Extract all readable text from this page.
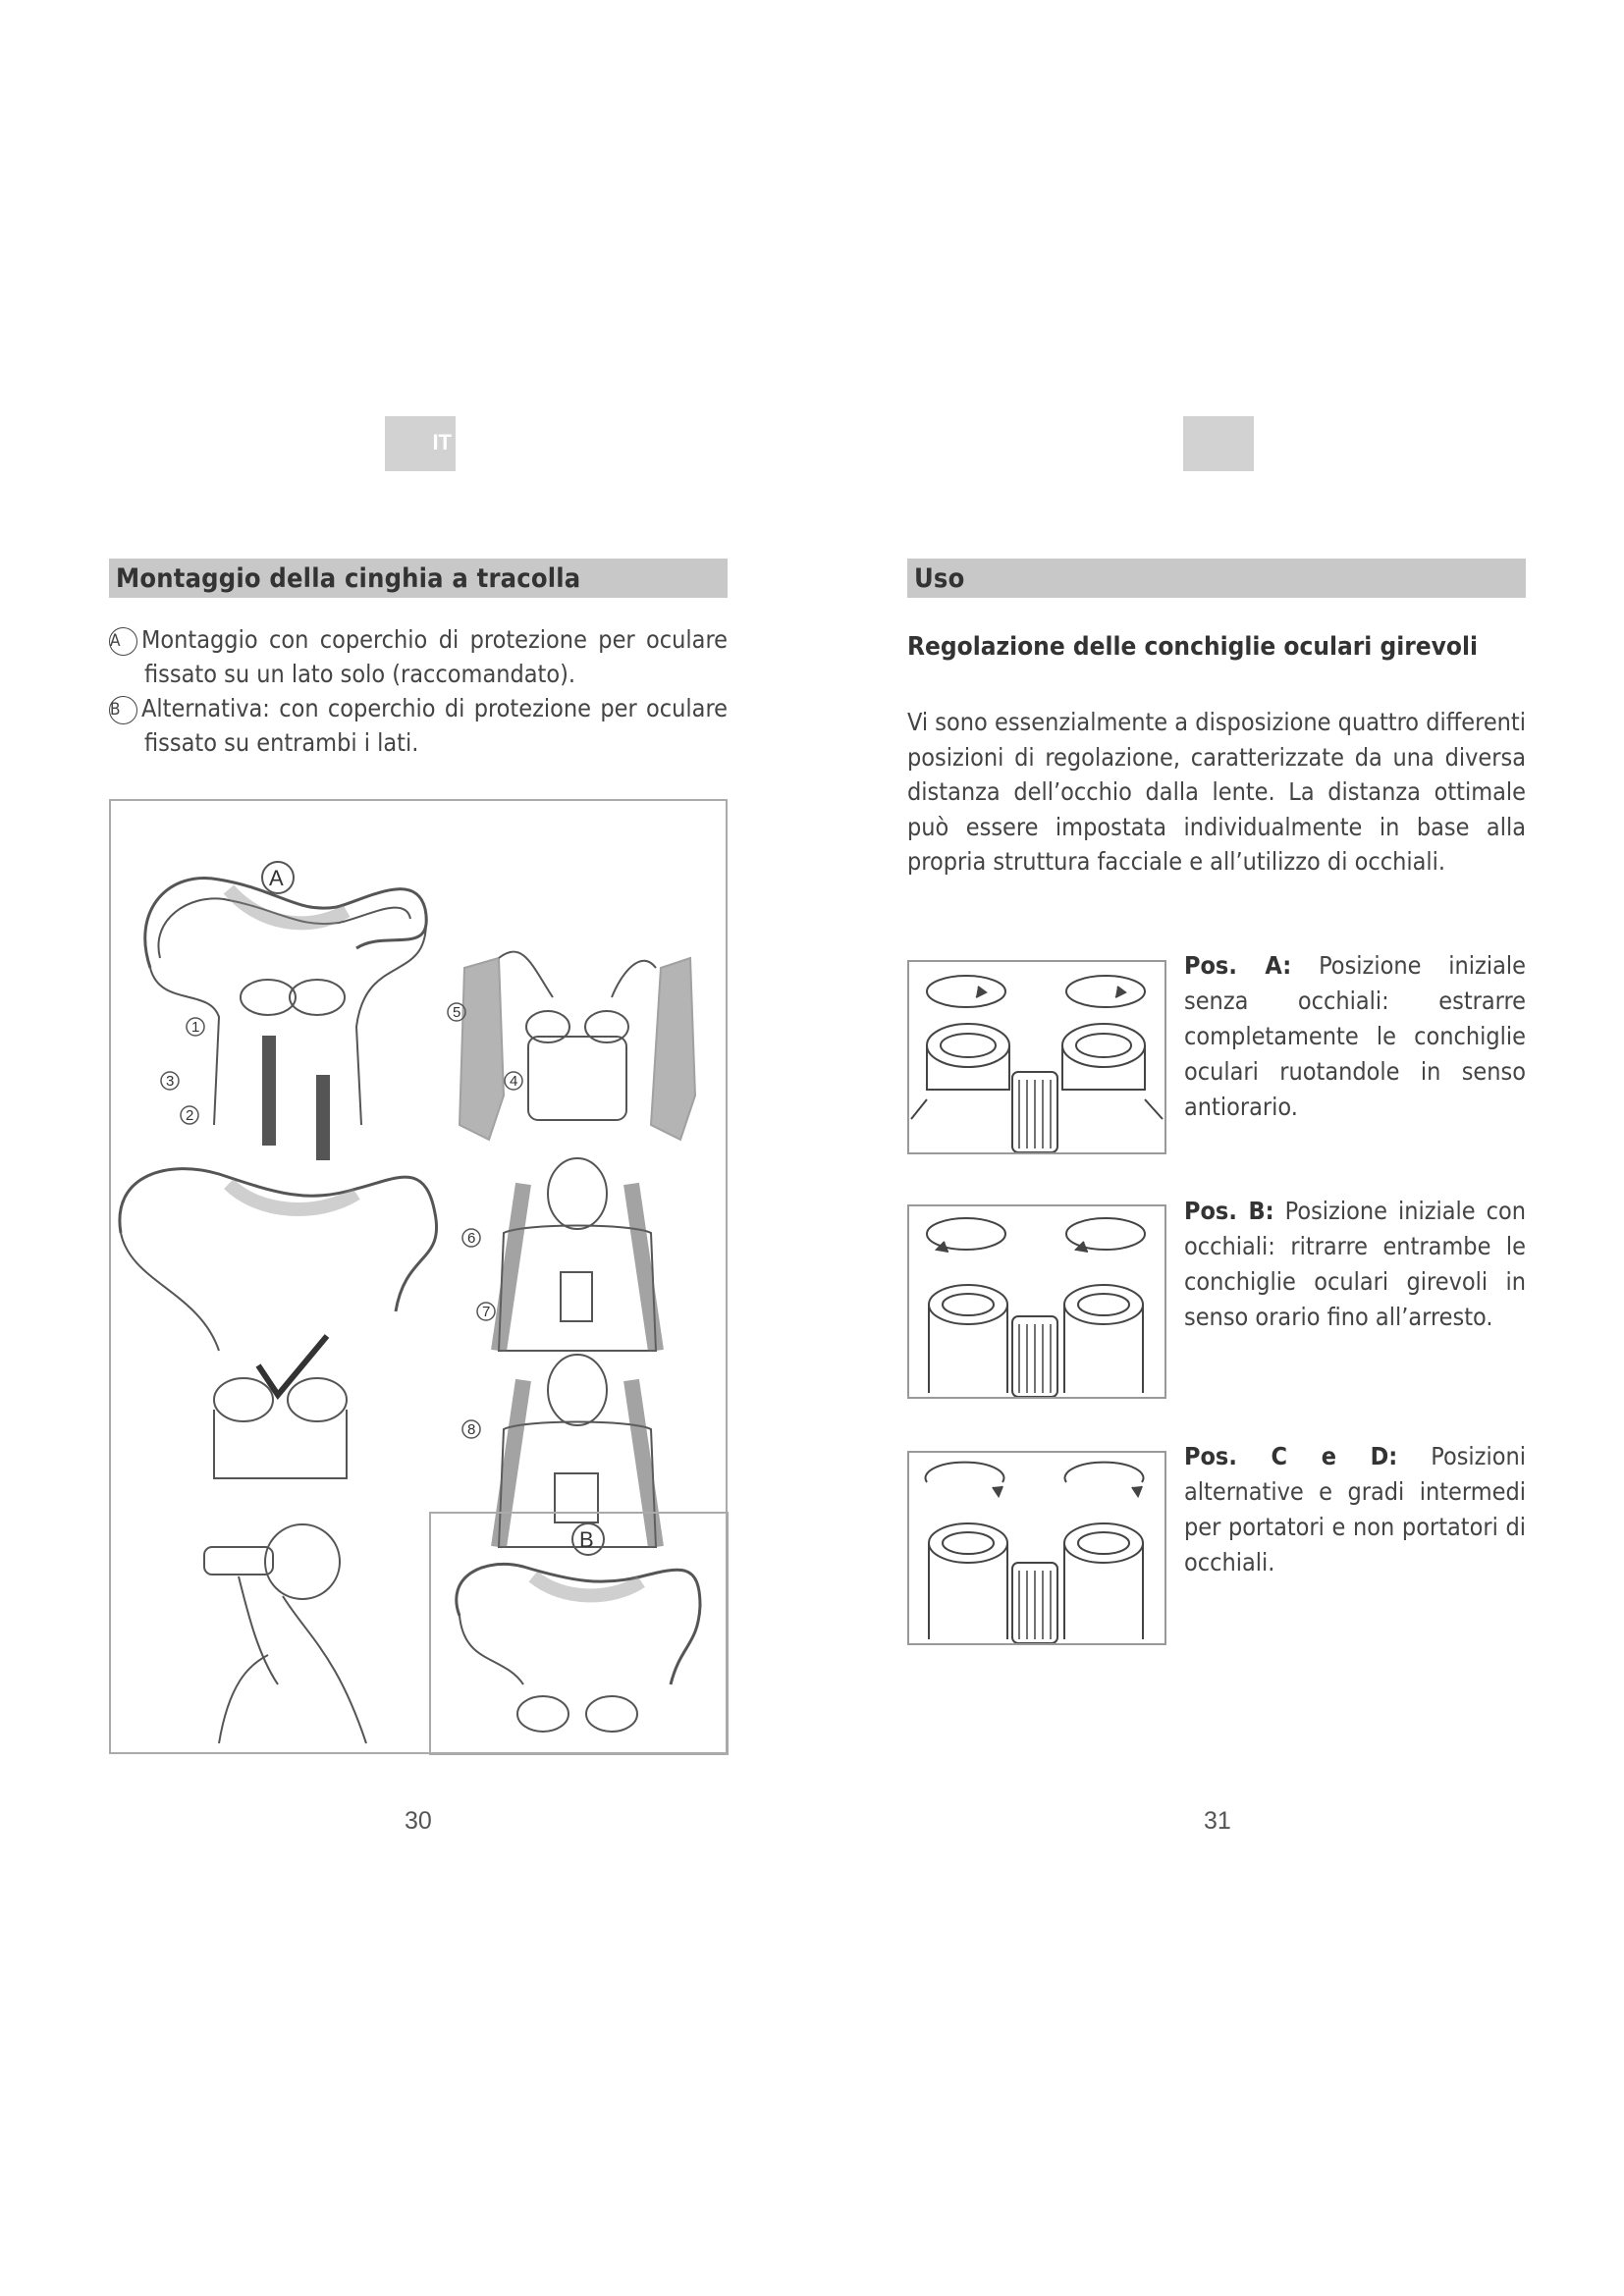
IT
Montaggio della cinghia a tracolla

A Montaggio con coperchio di protezione per oculare fissato su un lato solo (raccomandato).

B Alternativa: con coperchio di protezione per oculare fissato su entrambi i lati.

A
1
2
3
5
4
6
7
8
B
30
Uso
Regolazione delle conchiglie oculari girevoli
Vi sono essenzialmente a disposizione quattro differenti posizioni di regolazione, caratterizzate da una diversa distanza dell’occhio dalla lente. La distanza ottimale può essere impostata individualmente in base alla propria struttura facciale e all’utilizzo di occhiali.
Pos. A: Posizione iniziale senza occhiali: estrarre completamente le conchiglie oculari ruotandole in senso antiorario.
Pos. B: Posizione iniziale con occhiali: ritrarre entrambe le conchiglie oculari girevoli in senso orario fino all’arresto.
Pos. C e D: Posizioni alternative e gradi intermedi per portatori e non portatori di occhiali.
31
